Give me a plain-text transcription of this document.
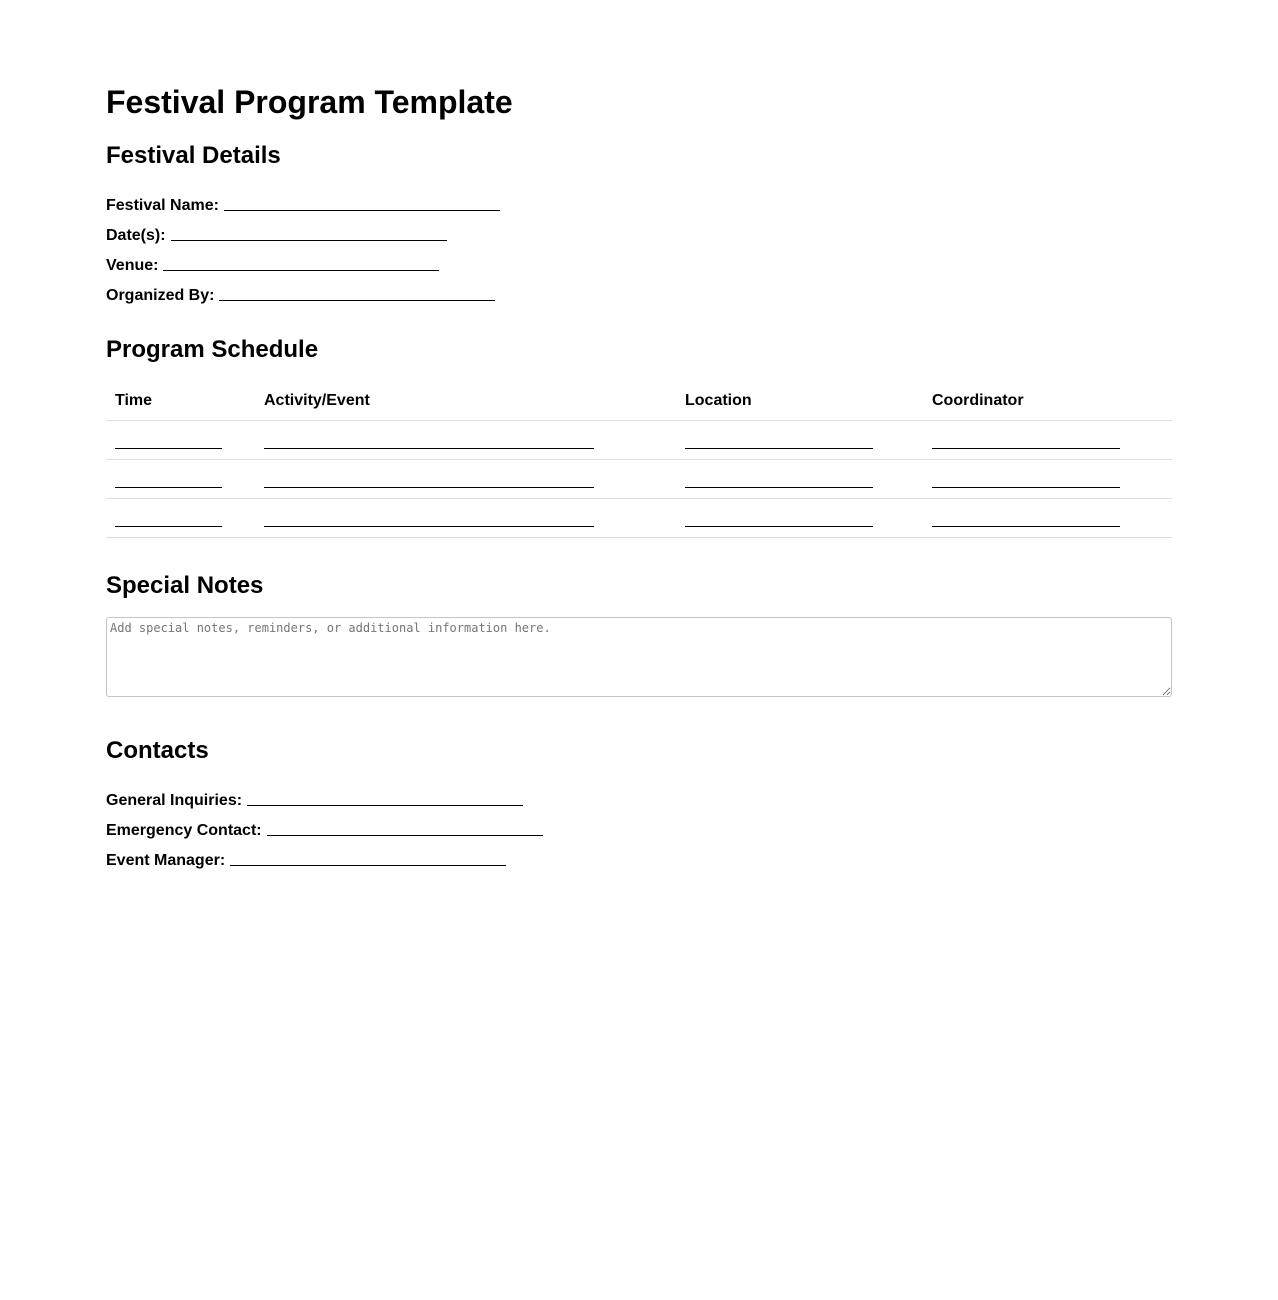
Festival Program Template
Festival Details
Festival Name:
Date(s):
Venue:
Organized By:
Program Schedule
Time	Activity/Event	Location	Coordinator

Special Notes
Add special notes, reminders, or additional information here.
Contacts
General Inquiries:
Emergency Contact:
Event Manager:
